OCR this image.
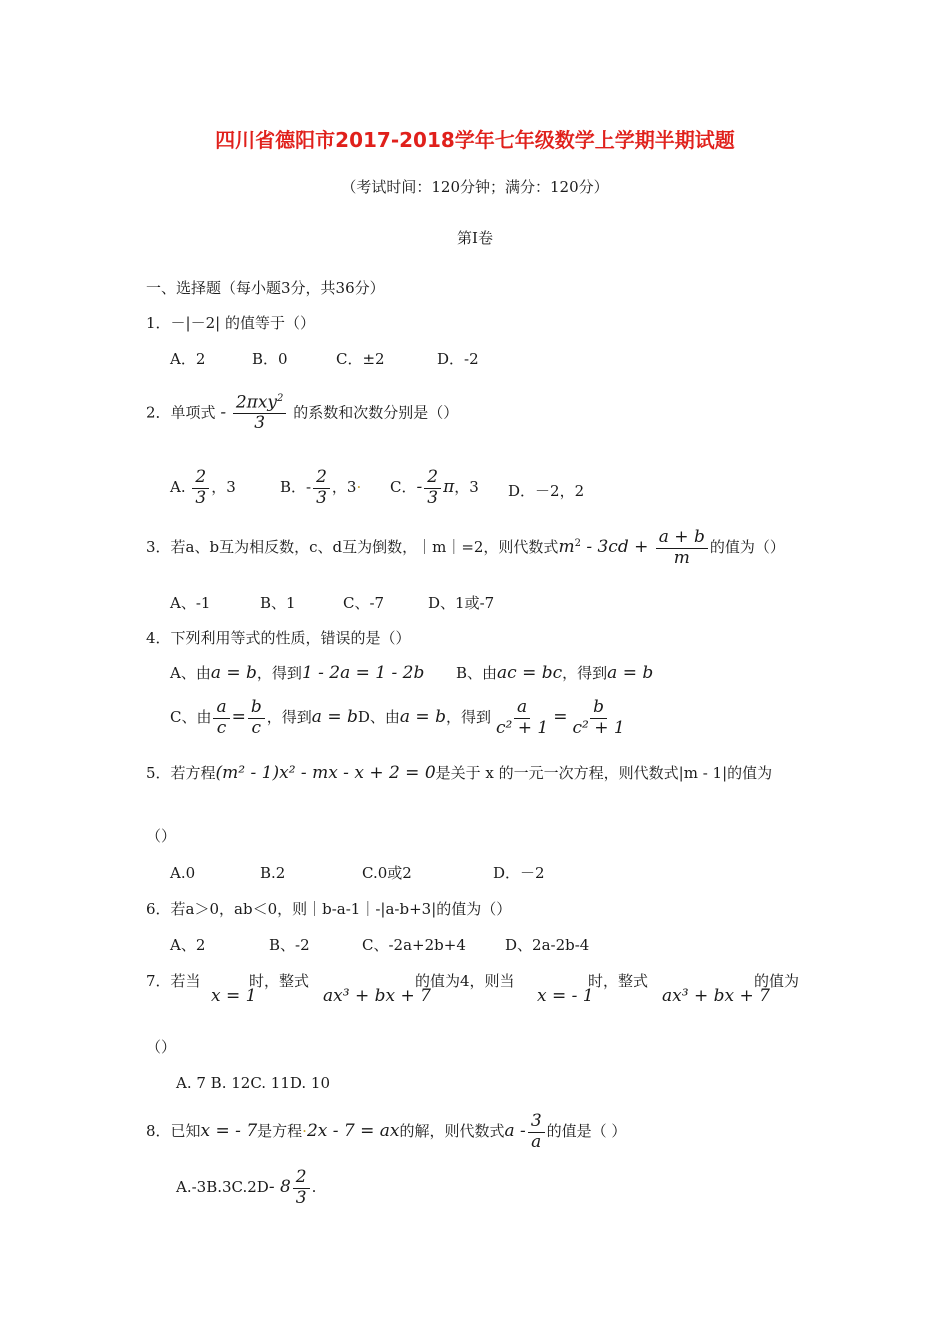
四川省德阳市2017-2018学年七年级数学上学期半期试题
（考试时间：120分钟；满分：120分）
第Ⅰ卷
一、选择题（每小题3分，共36分）
1．－|－2| 的值等于（）
A．2	B．0	C．±2	D．-2
2．单项式 - $\frac{2\pi xy^2}{3}$ 的系数和次数分别是（）
A. $\frac{2}{3}$ ，3	B．- $\frac{2}{3}$ ，3· C．- $\frac{2}{3}$ π，3 D．－2，2
3．若a、b互为相反数，c、d互为倒数，｜m｜=2，则代数式$m^2 - 3cd + \frac{a + b}{m}$ 的值为（）
A、-1	B、1	C、-7	D、1或-7
4．下列利用等式的性质，错误的是（）
A、由a = b，得到1 - 2a = 1 - 2b B、由ac = bc，得到a = b
C、由 $\frac{a}{c} = \frac{b}{c}$ ，得到a = bD、由a = b，得到 $\frac{a}{\text{c² + 1}} = \frac{b}{\text{c² + 1}}$
5．若方程(m² - 1)x² - mx - x + 2 = 0是关于 x 的一元一次方程，则代数式|m - 1|的值为
（）
A.0	B.2	C.0或2	D．－2
6．若a＞0，ab＜0，则｜b-a-1｜-|a-b+3|的值为（）
A、2	B、-2	C、-2a+2b+4	D、2a-2b-4
7．若当
x = 1
时，整式
ax³ + bx + 7
的值为4，则当
x = - 1
时，整式
ax³ + bx + 7
的值为
（）
A. 7 B. 12C. 11D. 10
8．已知x = - 7是方程·2x - 7 = ax的解，则代数式a - $\frac{3}{a}$ 的值是（ ）
A.-3B.3C.2D- $8 \frac{2}{3}$ .
